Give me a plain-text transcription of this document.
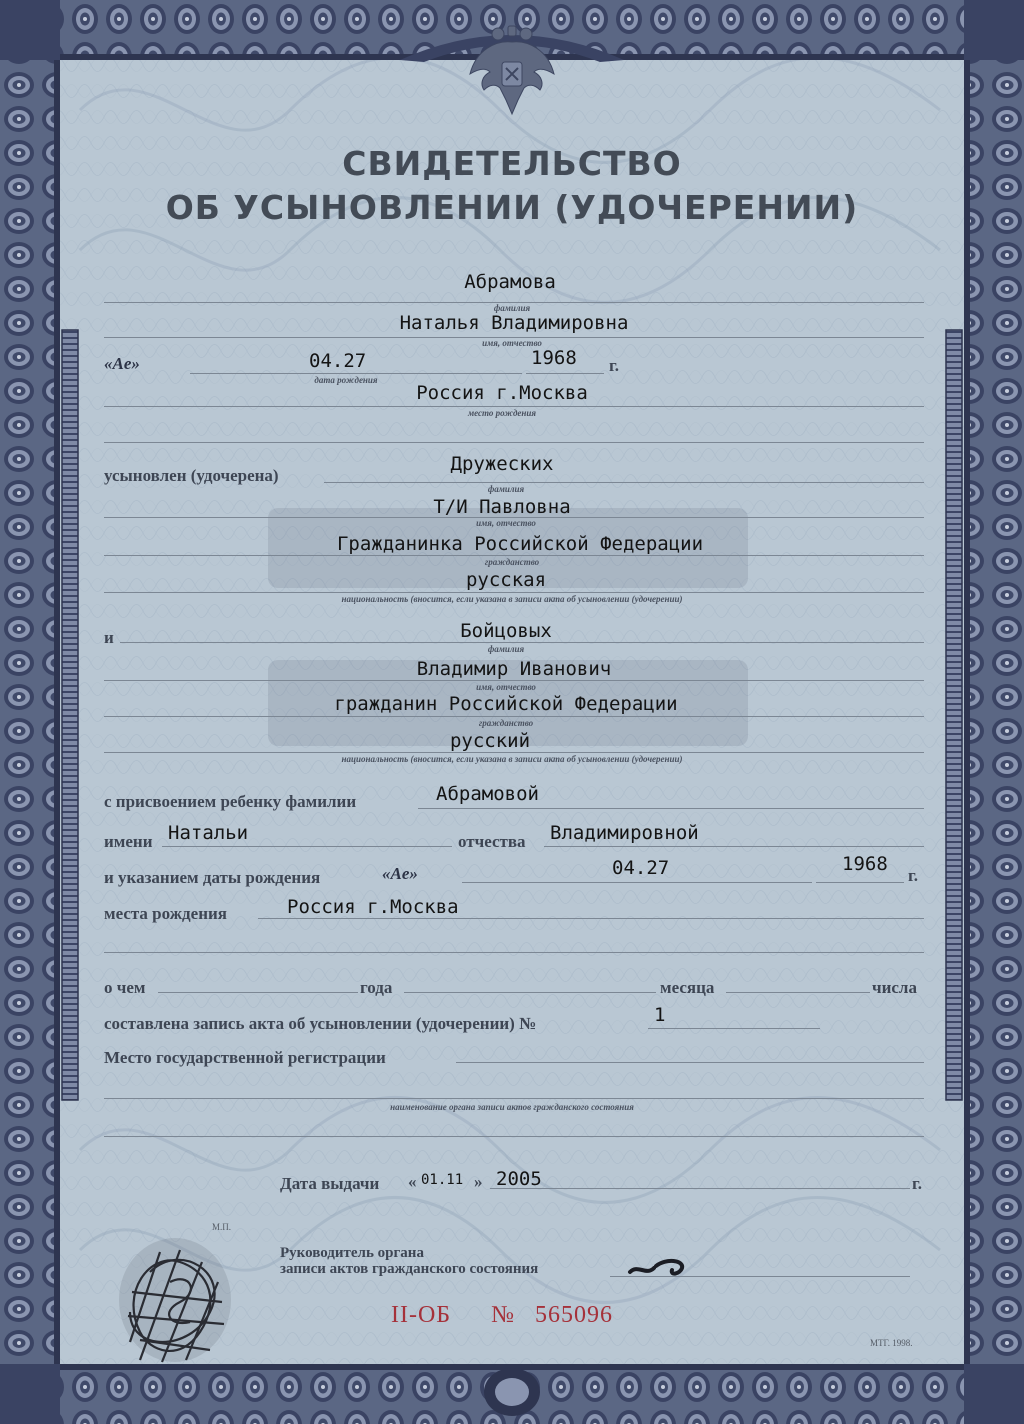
СВИДЕТЕЛЬСТВО
ОБ УСЫНОВЛЕНИИ (УДОЧЕРЕНИИ)
Абрамова
фамилия
Наталья Владимировна
имя, отчество
«Ae»	04.27	1968 г.
дата рождения
Россия г.Москва
место рождения
усыновлен (удочерена)
Дружеских
фамилия
Т/И Павловна
имя, отчество
Гражданинка Российской Федерации
гражданство
русская
национальность (вносится, если указана в записи акта об усыновлении (удочерении)
и	Бойцовых
фамилия
Владимир Иванович
имя, отчество
гражданин Российской Федерации
гражданство
русский
национальность (вносится, если указана в записи акта об усыновлении (удочерении)
с присвоением ребенку фамилии	Абрамовой
имени Натальи	отчества Владимировной
и указанием даты рождения	«Ae»	04.27	1968
г.
места рождения	Россия г.Москва
о чем	года	месяца	числа
составлена запись акта об усыновлении (удочерении) №	1
Место государственной регистрации
наименование органа записи актов гражданского состояния
Дата выдачи « 01.11 » 2005	г.
М.П.
Руководитель органа
записи актов гражданского состояния
II-ОБ № 565096
МТГ. 1998.
